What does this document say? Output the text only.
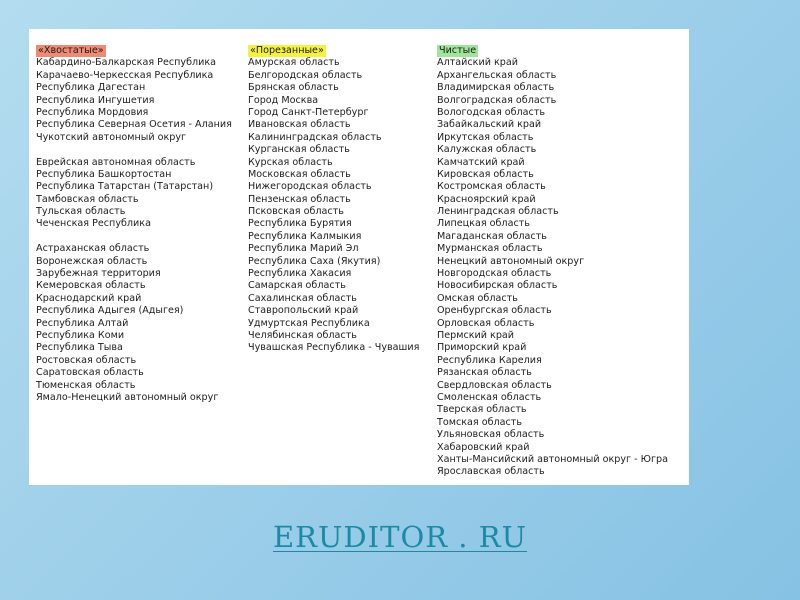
«Хвостатые»
Кабардино-Балкарская Республика
Карачаево-Черкесская Республика
Республика Дагестан
Республика Ингушетия
Республика Мордовия
Республика Северная Осетия - Алания
Чукотский автономный округ
Еврейская автономная область
Республика Башкортостан
Республика Татарстан (Татарстан)
Тамбовская область
Тульская область
Чеченская Республика
Астраханская область
Воронежская область
Зарубежная территория
Кемеровская область
Краснодарский край
Республика Адыгея (Адыгея)
Республика Алтай
Республика Коми
Республика Тыва
Ростовская область
Саратовская область
Тюменская область
Ямало-Ненецкий автономный округ
«Порезанные»
Амурская область
Белгородская область
Брянская область
Город Москва
Город Санкт-Петербург
Ивановская область
Калининградская область
Курганская область
Курская область
Московская область
Нижегородская область
Пензенская область
Псковская область
Республика Бурятия
Республика Калмыкия
Республика Марий Эл
Республика Саха (Якутия)
Республика Хакасия
Самарская область
Сахалинская область
Ставропольский край
Удмуртская Республика
Челябинская область
Чувашская Республика - Чувашия
Чистые
Алтайский край
Архангельская область
Владимирская область
Волгоградская область
Вологодская область
Забайкальский край
Иркутская область
Калужская область
Камчатский край
Кировская область
Костромская область
Красноярский край
Ленинградская область
Липецкая область
Магаданская область
Мурманская область
Ненецкий автономный округ
Новгородская область
Новосибирская область
Омская область
Оренбургская область
Орловская область
Пермский край
Приморский край
Республика Карелия
Рязанская область
Свердловская область
Смоленская область
Тверская область
Томская область
Ульяновская область
Хабаровский край
Ханты-Мансийский автономный округ - Югра
Ярославская область
ERUDITOR . RU
